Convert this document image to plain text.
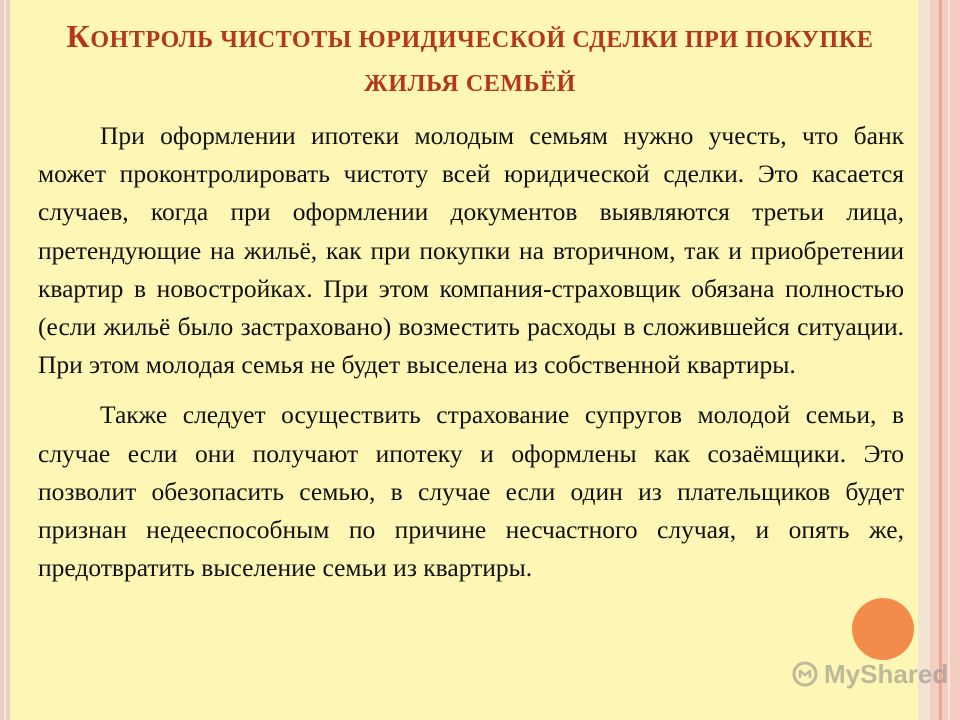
КОНТРОЛЬ ЧИСТОТЫ ЮРИДИЧЕСКОЙ СДЕЛКИ ПРИ ПОКУПКЕ ЖИЛЬЯ СЕМЬЁЙ

При оформлении ипотеки молодым семьям нужно учесть, что банк может проконтролировать чистоту всей юридической сделки. Это касается случаев, когда при оформлении документов выявляются третьи лица, претендующие на жильё, как при покупки на вторичном, так и приобретении квартир в новостройках. При этом компания-страховщик обязана полностью (если жильё было застраховано) возместить расходы в сложившейся ситуации. При этом молодая семья не будет выселена из собственной квартиры.

Также следует осуществить страхование супругов молодой семьи, в случае если они получают ипотеку и оформлены как созаёмщики. Это позволит обезопасить семью, в случае если один из плательщиков будет признан недееспособным по причине несчастного случая, и опять же, предотвратить выселение семьи из квартиры.

MyShared
